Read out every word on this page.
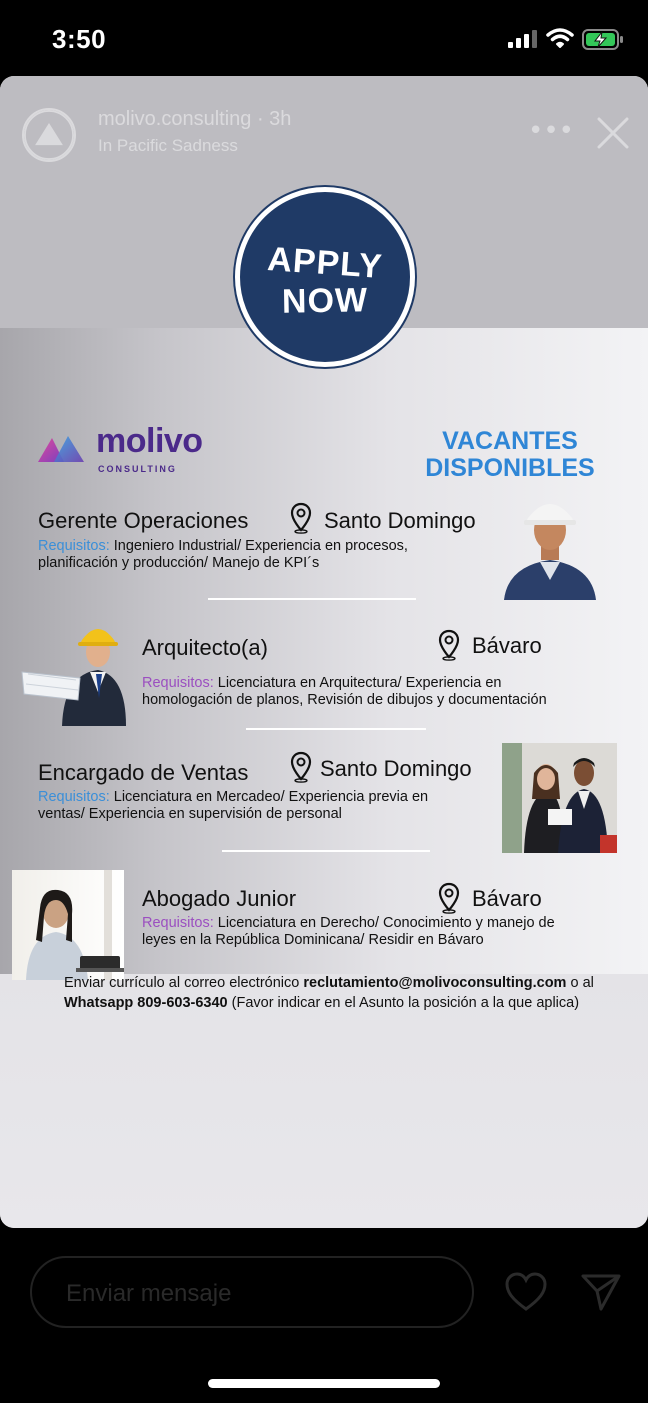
3:50
molivo.consulting · 3h
In Pacific Sadness	•••
molivo
CONSULTING
VACANTES
DISPONIBLES
Gerente Operaciones	Santo Domingo
Requisitos: Ingeniero Industrial/ Experiencia en procesos, planificación y producción/ Manejo de KPI´s
Arquitecto(a)	Bávaro
Requisitos: Licenciatura en Arquitectura/ Experiencia en homologación de planos, Revisión de dibujos y documentación
Encargado de Ventas	Santo Domingo
Requisitos: Licenciatura en Mercadeo/ Experiencia previa en ventas/ Experiencia en supervisión de personal
Abogado Junior	Bávaro
Requisitos: Licenciatura en Derecho/ Conocimiento y manejo de leyes en la República Dominicana/ Residir en Bávaro
Enviar currículo al correo electrónico reclutamiento@molivoconsulting.com o al
Whatsapp 809-603-6340 (Favor indicar en el Asunto la posición a la que aplica)
APPLY
NOW
Enviar mensaje
